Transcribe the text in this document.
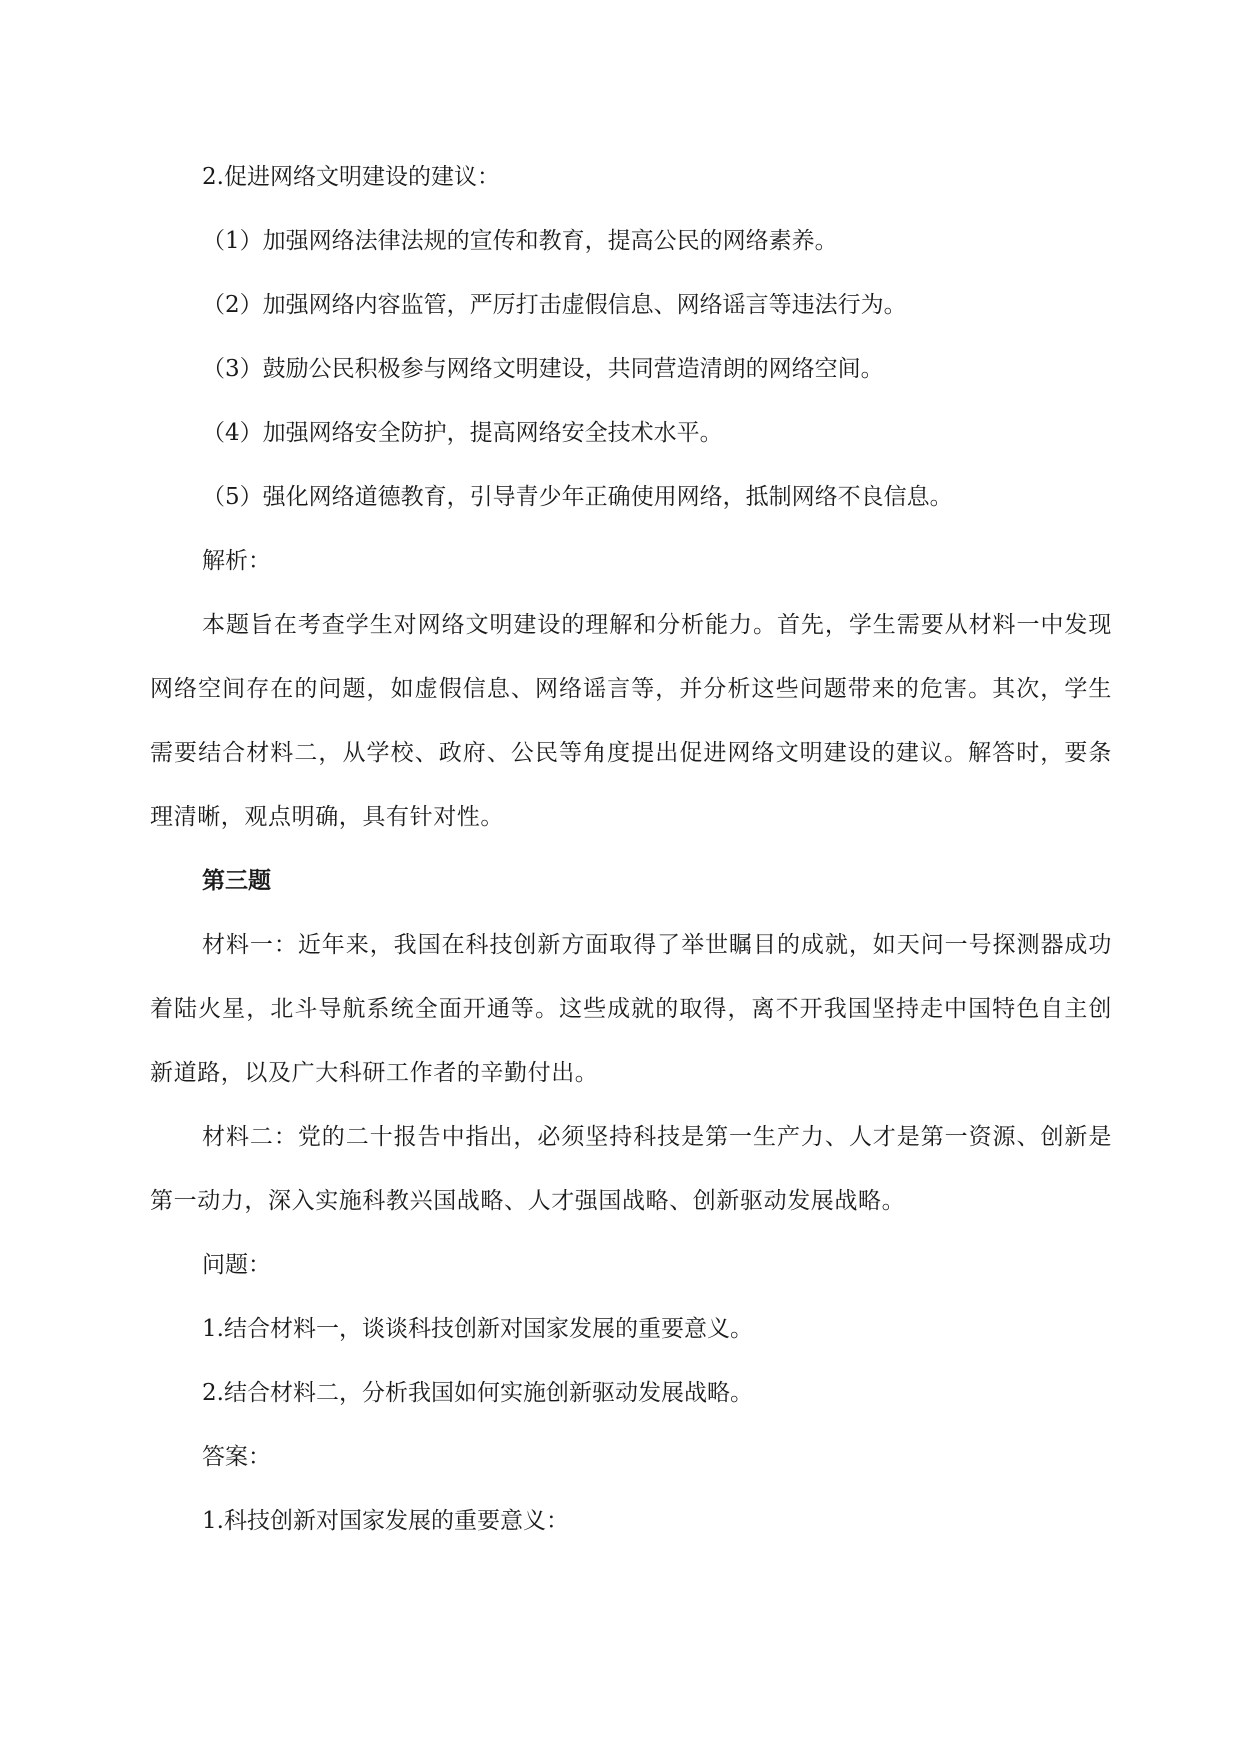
2.促进网络文明建设的建议：

（1）加强网络法律法规的宣传和教育，提高公民的网络素养。

（2）加强网络内容监管，严厉打击虚假信息、网络谣言等违法行为。

（3）鼓励公民积极参与网络文明建设，共同营造清朗的网络空间。

（4）加强网络安全防护，提高网络安全技术水平。

（5）强化网络道德教育，引导青少年正确使用网络，抵制网络不良信息。

解析：

本题旨在考查学生对网络文明建设的理解和分析能力。首先，学生需要从材料一中发现网络空间存在的问题，如虚假信息、网络谣言等，并分析这些问题带来的危害。其次，学生需要结合材料二，从学校、政府、公民等角度提出促进网络文明建设的建议。解答时，要条理清晰，观点明确，具有针对性。

第三题

材料一：近年来，我国在科技创新方面取得了举世瞩目的成就，如天问一号探测器成功着陆火星，北斗导航系统全面开通等。这些成就的取得，离不开我国坚持走中国特色自主创新道路，以及广大科研工作者的辛勤付出。

材料二：党的二十报告中指出，必须坚持科技是第一生产力、人才是第一资源、创新是第一动力，深入实施科教兴国战略、人才强国战略、创新驱动发展战略。

问题：

1.结合材料一，谈谈科技创新对国家发展的重要意义。

2.结合材料二，分析我国如何实施创新驱动发展战略。

答案：

1.科技创新对国家发展的重要意义：
